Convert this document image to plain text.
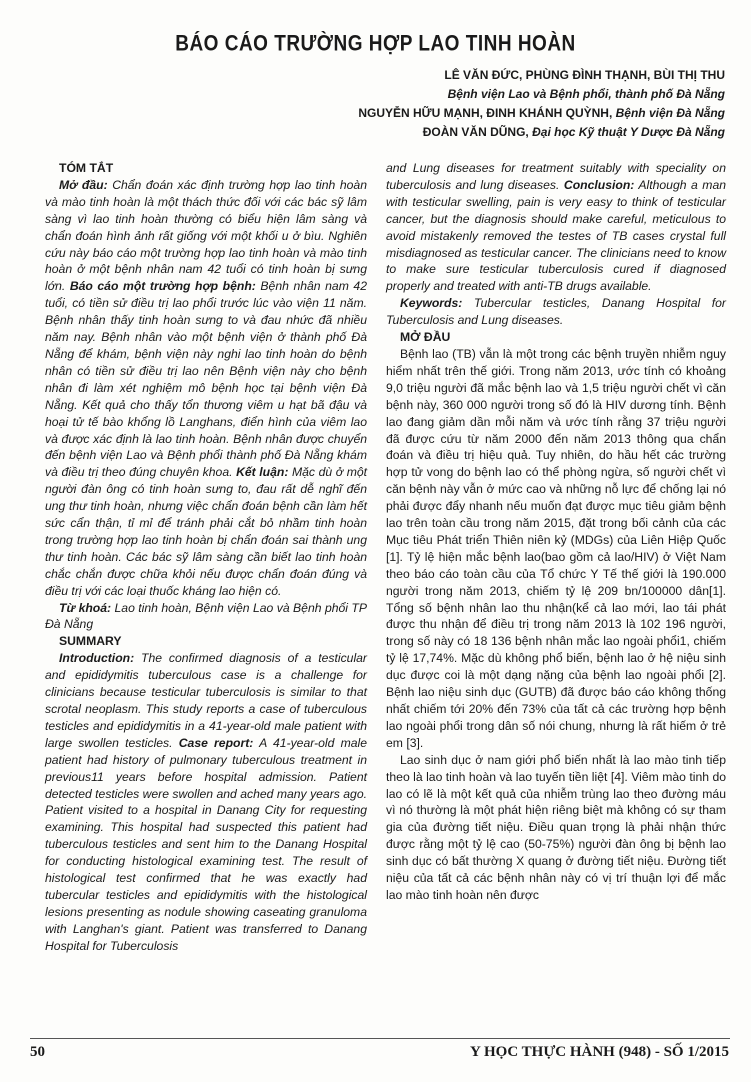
BÁO CÁO TRƯỜNG HỢP LAO TINH HOÀN
LÊ VĂN ĐỨC, PHÙNG ĐÌNH THẠNH, BÙI THỊ THU
Bệnh viện Lao và Bệnh phổi, thành phố Đà Nẵng
NGUYỄN HỮU MẠNH, ĐINH KHÁNH QUỲNH, Bệnh viện Đà Nẵng
ĐOÀN VĂN DŨNG, Đại học Kỹ thuật Y Dược Đà Nẵng

TÓM TẮT

Mở đầu: Chẩn đoán xác định trường hợp lao tinh hoàn và mào tinh hoàn là một thách thức đối với các bác sỹ lâm sàng vì lao tinh hoàn thường có biểu hiện lâm sàng và chẩn đoán hình ảnh rất giống với một khối u ở bìu. Nghiên cứu này báo cáo một trường hợp lao tinh hoàn và mào tinh hoàn ở một bệnh nhân nam 42 tuổi có tinh hoàn bị sưng lớn. Báo cáo một trường hợp bệnh: Bệnh nhân nam 42 tuổi, có tiền sử điều trị lao phổi trước lúc vào viện 11 năm. Bệnh nhân thấy tinh hoàn sưng to và đau nhức đã nhiều năm nay. Bệnh nhân vào một bệnh viện ở thành phố Đà Nẵng để khám, bệnh viện này nghi lao tinh hoàn do bệnh nhân có tiền sử điều trị lao nên Bệnh viện này cho bệnh nhân đi làm xét nghiệm mô bệnh học tại bệnh viện Đà Nẵng. Kết quả cho thấy tổn thương viêm u hạt bã đậu và hoại tử tế bào khổng lồ Langhans, điển hình của viêm lao và được xác định là lao tinh hoàn. Bệnh nhân được chuyển đến bệnh viện Lao và Bệnh phổi thành phố Đà Nẵng khám và điều trị theo đúng chuyên khoa. Kết luận: Mặc dù ở một người đàn ông có tinh hoàn sưng to, đau rất dễ nghĩ đến ung thư tinh hoàn, nhưng việc chẩn đoán bệnh cần làm hết sức cẩn thận, tỉ mỉ để tránh phải cắt bỏ nhầm tinh hoàn trong trường hợp lao tinh hoàn bị chẩn đoán sai thành ung thư tinh hoàn. Các bác sỹ lâm sàng cần biết lao tinh hoàn chắc chắn được chữa khỏi nếu được chẩn đoán đúng và điều trị với các loại thuốc kháng lao hiện có.

Từ khoá: Lao tinh hoàn, Bệnh viện Lao và Bệnh phổi TP Đà Nẵng

SUMMARY

Introduction: The confirmed diagnosis of a testicular and epididymitis tuberculous case is a challenge for clinicians because testicular tuberculosis is similar to that scrotal neoplasm. This study reports a case of tuberculous testicles and epididymitis in a 41-year-old male patient with large swollen testicles. Case report: A 41-year-old male patient had history of pulmonary tuberculous treatment in previous11 years before hospital admission. Patient detected testicles were swollen and ached many years ago. Patient visited to a hospital in Danang City for requesting examining. This hospital had suspected this patient had tuberculous testicles and sent him to the Danang Hospital for conducting histological examining test. The result of histological test confirmed that he was exactly had tubercular testicles and epididymitis with the histological lesions presenting as nodule showing caseating granuloma with Langhan's giant. Patient was transferred to Danang Hospital for Tuberculosis

and Lung diseases for treatment suitably with speciality on tuberculosis and lung diseases. Conclusion: Although a man with testicular swelling, pain is very easy to think of testicular cancer, but the diagnosis should make careful, meticulous to avoid mistakenly removed the testes of TB cases crystal full misdiagnosed as testicular cancer. The clinicians need to know to make sure testicular tuberculosis cured if diagnosed properly and treated with anti-TB drugs available.

Keywords: Tubercular testicles, Danang Hospital for Tuberculosis and Lung diseases.

MỞ ĐẦU

Bệnh lao (TB) vẫn là một trong các bệnh truyền nhiễm nguy hiểm nhất trên thế giới. Trong năm 2013, ước tính có khoảng 9,0 triệu người đã mắc bệnh lao và 1,5 triệu người chết vì căn bệnh này, 360 000 người trong số đó là HIV dương tính. Bệnh lao đang giảm dần mỗi năm và ước tính rằng 37 triệu người đã được cứu từ năm 2000 đến năm 2013 thông qua chẩn đoán và điều trị hiệu quả. Tuy nhiên, do hầu hết các trường hợp tử vong do bệnh lao có thể phòng ngừa, số người chết vì căn bệnh này vẫn ở mức cao và những nỗ lực để chống lại nó phải được đẩy nhanh nếu muốn đạt được mục tiêu giảm bệnh lao trên toàn cầu trong năm 2015, đặt trong bối cảnh của các Mục tiêu Phát triển Thiên niên kỷ (MDGs) của Liên Hiệp Quốc [1]. Tỷ lệ hiện mắc bệnh lao(bao gồm cả lao/HIV) ở Việt Nam theo báo cáo toàn cầu của Tổ chức Y Tế thế giới là 190.000 người trong năm 2013, chiếm tỷ lệ 209 bn/100000 dân[1]. Tổng số bệnh nhân lao thu nhận(kể cả lao mới, lao tái phát được thu nhận để điều trị trong năm 2013 là 102 196 người, trong số này có 18 136 bệnh nhân mắc lao ngoài phổi1, chiếm tỷ lệ 17,74%. Mặc dù không phổ biến, bệnh lao ở hệ niệu sinh dục được coi là một dạng nặng của bệnh lao ngoài phổi [2]. Bệnh lao niệu sinh dục (GUTB) đã được báo cáo không thống nhất chiếm tới 20% đến 73% của tất cả các trường hợp bệnh lao ngoài phổi trong dân số nói chung, nhưng là rất hiếm ở trẻ em [3].

Lao sinh dục ở nam giới phổ biến nhất là lao mào tinh tiếp theo là lao tinh hoàn và lao tuyến tiền liệt [4]. Viêm mào tinh do lao có lẽ là một kết quả của nhiễm trùng lao theo đường máu vì nó thường là một phát hiện riêng biệt mà không có sự tham gia của đường tiết niệu. Điều quan trọng là phải nhận thức được rằng một tỷ lệ cao (50-75%) người đàn ông bị bệnh lao sinh dục có bất thường X quang ở đường tiết niệu. Đường tiết niệu của tất cả các bệnh nhân này có vị trí thuận lợi để mắc lao mào tinh hoàn nên được

50	Y HỌC THỰC HÀNH (948) - SỐ 1/2015
